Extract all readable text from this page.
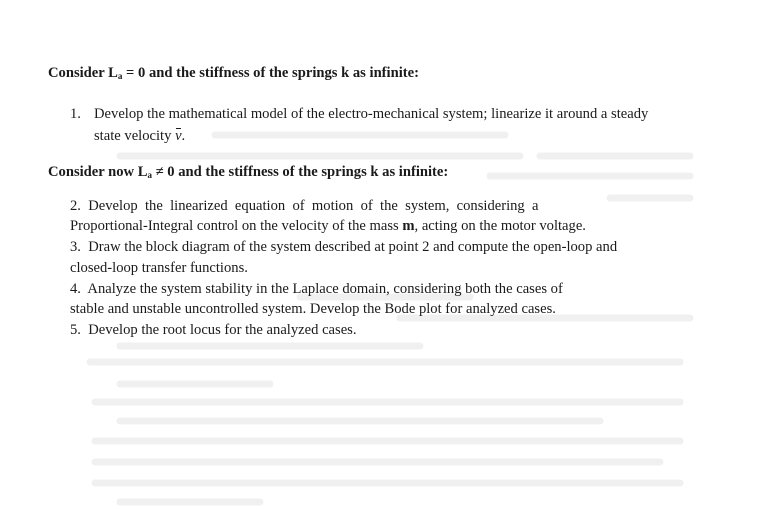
Consider $L_a = 0$ and the stiffness of the springs k as infinite:
1. Develop the mathematical model of the electro-mechanical system; linearize it around a steady
state velocity v.
Consider now $L_a \ne 0$ and the stiffness of the springs k as infinite:
2.  Develop  the  linearized  equation  of  motion  of  the  system,  considering  a
Proportional-Integral control on the velocity of the mass m, acting on the motor voltage.
3.  Draw the block diagram of the system described at point 2 and compute the open-loop and
closed-loop transfer functions.
4.  Analyze the system stability in the Laplace domain, considering both the cases of
stable and unstable uncontrolled system. Develop the Bode plot for analyzed cases.
5.  Develop the root locus for the analyzed cases.
